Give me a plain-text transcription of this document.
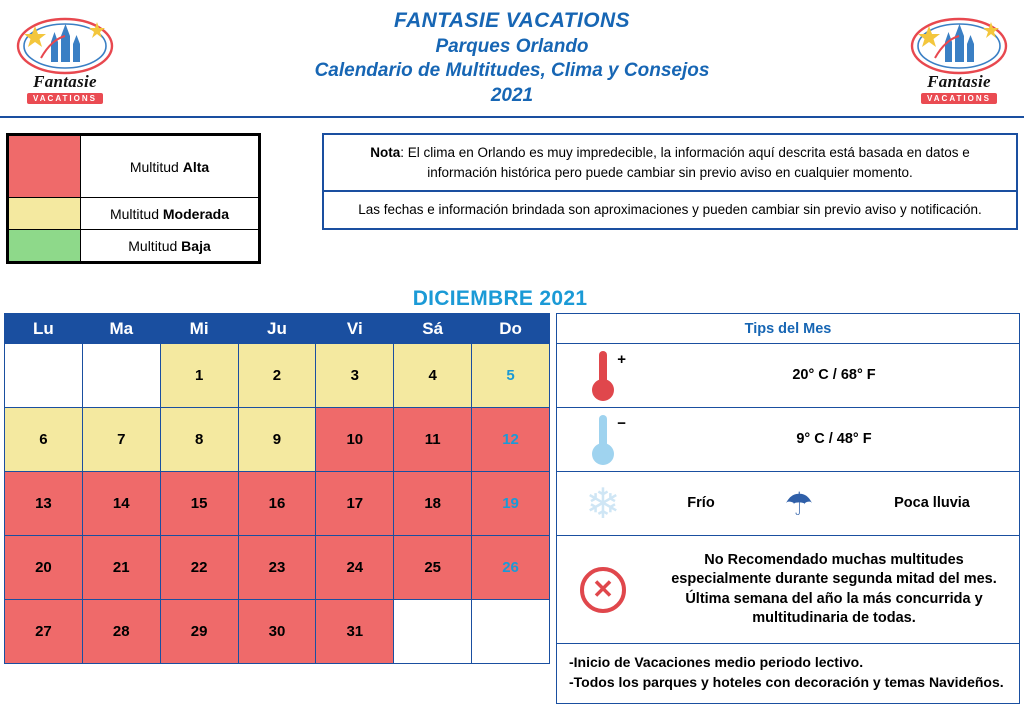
Fantasie
VACATIONS
FANTASIE VACATIONS
Parques Orlando
Calendario de Multitudes, Clima y Consejos
2021
Fantasie
VACATIONS
	Multitud Alta
	Multitud Moderada
	Multitud Baja
Nota: El clima en Orlando es muy impredecible, la información aquí descrita está basada en datos e información histórica pero puede cambiar sin previo aviso en cualquier momento.
Las fechas e información brindada son aproximaciones y pueden cambiar sin previo aviso y notificación.
DICIEMBRE 2021
Lu	Ma	Mi	Ju	Vi	Sá	Do
		1	2	3	4	5
6	7	8	9	10	11	12
13	14	15	16	17	18	19
20	21	22	23	24	25	26
27	28	29	30	31		
Tips del Mes
+
20° C / 68° F
−
9° C / 48° F
❄	Frío	☂	Poca lluvia
✕
No Recomendado muchas multitudes especialmente durante segunda mitad del mes. Última semana del año la más concurrida y multitudinaria de todas.
-Inicio de Vacaciones medio periodo lectivo.
-Todos los parques y hoteles con decoración y temas Navideños.
